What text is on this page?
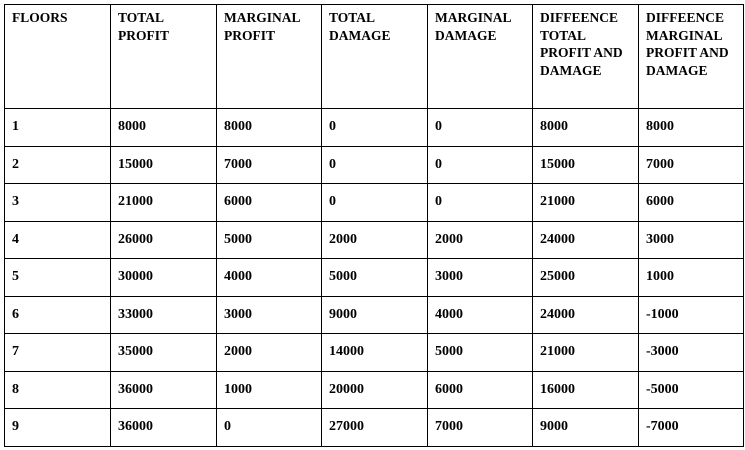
FLOORS	TOTAL PROFIT	MARGINAL PROFIT	TOTAL DAMAGE	MARGINAL DAMAGE	DIFFEENCE TOTAL PROFIT AND DAMAGE	DIFFEENCE MARGINAL PROFIT AND DAMAGE
1	8000	8000	0	0	8000	8000
2	15000	7000	0	0	15000	7000
3	21000	6000	0	0	21000	6000
4	26000	5000	2000	2000	24000	3000
5	30000	4000	5000	3000	25000	1000
6	33000	3000	9000	4000	24000	-1000
7	35000	2000	14000	5000	21000	-3000
8	36000	1000	20000	6000	16000	-5000
9	36000	0	27000	7000	9000	-7000
